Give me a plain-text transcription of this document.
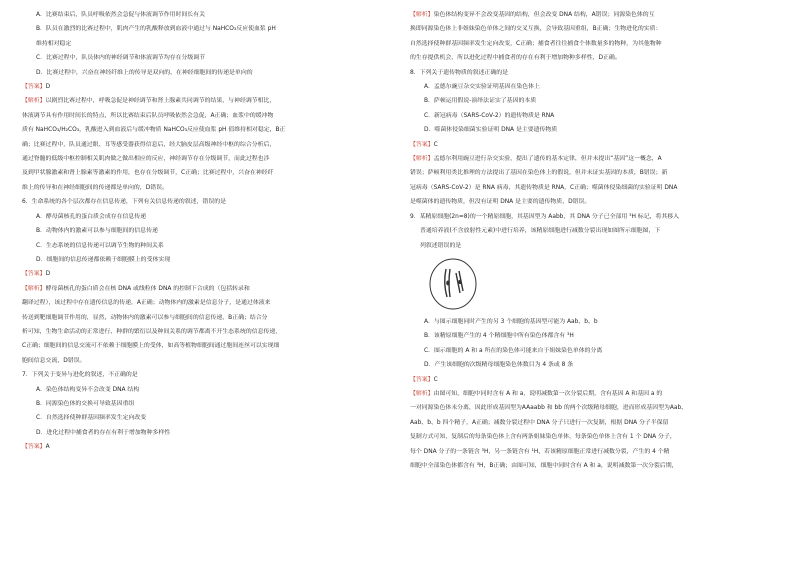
A．比赛结束后，队员呼吸依然会急促与体液调节作用时间长有关
B．队员在激烈的比赛过程中，肌肉产生的乳酸释放到血液中通过与 NaHCO₃反应使血浆 pH
维持相对稳定
C．比赛过程中，队员体内的神经调节和体液调节均存在分级调节
D．比赛过程中，兴奋在神经纤维上的传导是双向的，在神经细胞间的传递是单向的
【答案】D
【解析】以剧烈比赛过程中，呼吸急促是神经调节和肾上腺素共同调节的结果，与神经调节相比，
体液调节具有作用时间长的特点，所以比赛结束后队员呼吸依然会急促，A正确；血浆中的缓冲物
质有 NaHCO₃/H₂CO₃，乳酸进入到血液后与缓冲物质 NaHCO₃反应使血浆 pH 值维持相对稳定，B正
确；比赛过程中，队员通过眼、耳等感受器获得信息后，经大脑皮层高级神经中枢的综合分析后，
通过脊髓的低级中枢控制相关肌肉做之做出相应的反应，神经调节存在分级调节，而此过程也涉
及到甲状腺激素和肾上腺素等激素的作用，也存在分级调节，C正确；比赛过程中，兴奋在神经纤
维上的传导和在神经细胞间的传递都是单向的，D错误。
6．生命系统的各个层次都存在信息传递，下列有关信息传递的叙述，错误的是
A．酵母菌核孔的蛋白质会成存在信息传递
B．动物体内的激素可以参与细胞间的信息传递
C．生态系统的信息传递可以调节生物的种间关系
D．细胞间的信息传递都依赖于细胞膜上的受体实现
【答案】D
【解析】酵母菌核孔的蛋白质会在核 DNA 或线粒体 DNA 的控制下合成的（包括转录和
翻译过程），该过程中存在遗传信息的传递，A正确；动物体内的激素是信息分子，是通过体液来
传送到靶细胞调节作用的，显然，动物体内的激素可以参与细胞间的信息传递，B正确；结合分
析可知，生物生命活动的正常进行、种群的繁衍以及种间关系的调节都离不开生态系统的信息传递，
C正确；细胞间的信息交流可不依赖于细胞膜上的受体，如高等植物细胞间通过胞间连丝可以实现细
胞间信息交流，D错误。
7．下列关于变异与进化的叙述，不正确的是
A．染色体结构变异不会改变 DNA 结构
B．同源染色体的交换可导致基因重组
C．自然选择使种群基因频率发生定向改变
D．进化过程中捕食者的存在有利于增加物种多样性
【答案】A
【解析】染色体结构变异不会改变基因的结构，但会改变 DNA 结构，A错误；同源染色体的互
换即同源染色体上非姐妹染色单体之间的交叉互换，会导致基因重组，B正确；生物进化的实质：
自然选择使种群基因频率发生定向改变，C正确；捕食者往往捕食个体数量多的物种，为其他物种
的生存提供机会，所以进化过程中捕食者的存在有利于增加物种多样性，D正确。
8．下列关于遗传物质的叙述正确的是
A．孟德尔豌豆杂交实验证明基因在染色体上
B．萨顿运用假说-演绎法证实了基因的本质
C．新冠病毒（SARS-CoV-2）的遗传物质是 RNA
D．噬菌体侵染细菌实验证明 DNA 是主要遗传物质
【答案】C
【解析】孟德尔利用豌豆进行杂交实验，提出了遗传的基本定律，但并未提出“基因”这一概念，A
错误；萨顿利用类比推理的方法提出了基因在染色体上的假说，但并未证实基因的本质，B错误；新
冠病毒（SARS-CoV-2）是 RNA 病毒，其遗传物质是 RNA，C正确；噬菌体侵染细菌的实验证明 DNA
是噬菌体的遗传物质，但没有证明 DNA 是主要的遗传物质，D错误。
9．某精原细胞(2n=8)的一个精原细胞，其基因型为 Aabb，其 DNA 分子已全部用 ³H 标记，将其移入
普通培养液(不含放射性元素)中进行培养，该精原细胞进行减数分裂出现如图所示细胞图，下
列叙述错误的是
A．与图示细胞同时产生的另 3 个细胞的基因型可能为 Aab、b、b
B．该精原细胞产生的 4 个精细胞中所有染色体都含有 ³H
C．图示细胞的 A 和 a 所在的染色体可能来自于姐妹染色单体的分离
D．产生该细胞的次级精母细胞染色体数目为 4 条或 8 条
【答案】C
【解析】由图可知，细胞中同时含有 A 和 a，说明减数第一次分裂后期，含有基因 A 和基因 a 的
一对同源染色体未分离，因此形成基因型为AAaabb 和 bb 的两个次级精母细胞，进而形成基因型为Aab、
Aab、b、b 四个精子，A正确；减数分裂过程中 DNA 分子只进行一次复制，根据 DNA 分子半保留
复制方式可知，复制后的每条染色体上含有两条姐妹染色单体，每条染色单体上含有 1 个 DNA 分子，
每个 DNA 分子的一条链含 ³H，另一条链含有 ¹H，若该精原细胞正常进行减数分裂，产生的 4 个精
细胞中全部染色体都含有 ³H，B正确；由图可知，细胞中同时含有 A 和 a，说明减数第一次分裂后期，
